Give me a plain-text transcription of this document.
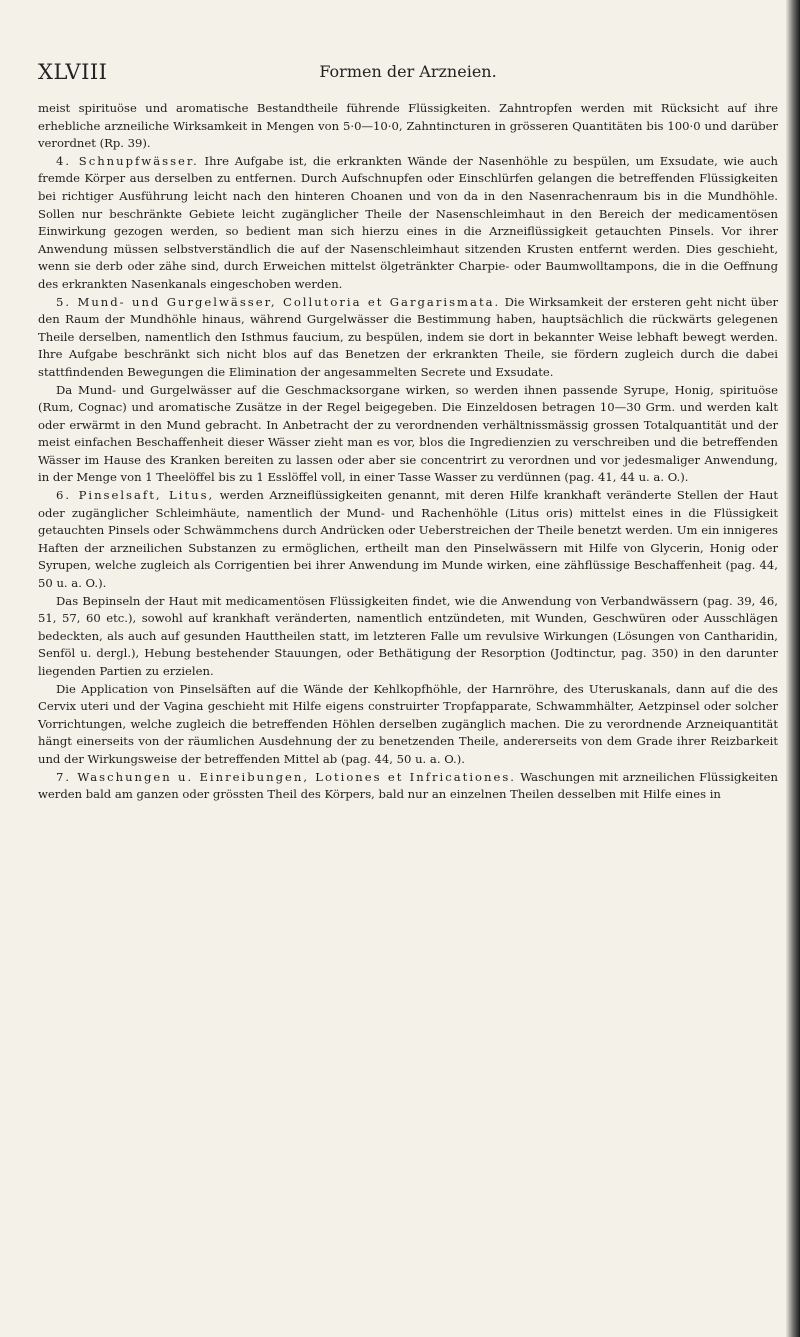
XLVIII	Formen der Arzneien.

meist spirituöse und aromatische Bestandtheile führende Flüssigkeiten. Zahntropfen werden mit Rücksicht auf ihre erhebliche arzneiliche Wirksamkeit in Mengen von 5·0—10·0, Zahntincturen in grösseren Quantitäten bis 100·0 und darüber verordnet (Rp. 39).

4. Schnupfwässer. Ihre Aufgabe ist, die erkrankten Wände der Nasenhöhle zu bespülen, um Exsudate, wie auch fremde Körper aus derselben zu entfernen. Durch Aufschnupfen oder Einschlürfen gelangen die betreffenden Flüssigkeiten bei richtiger Ausführung leicht nach den hinteren Choanen und von da in den Nasenrachenraum bis in die Mundhöhle. Sollen nur beschränkte Gebiete leicht zugänglicher Theile der Nasenschleimhaut in den Bereich der medicamentösen Einwirkung gezogen werden, so bedient man sich hierzu eines in die Arzneiflüssigkeit getauchten Pinsels. Vor ihrer Anwendung müssen selbstverständlich die auf der Nasenschleimhaut sitzenden Krusten entfernt werden. Dies geschieht, wenn sie derb oder zähe sind, durch Erweichen mittelst ölgetränkter Charpie- oder Baumwolltampons, die in die Oeffnung des erkrankten Nasenkanals eingeschoben werden.

5. Mund- und Gurgelwässer, Collutoria et Gargarismata. Die Wirksamkeit der ersteren geht nicht über den Raum der Mundhöhle hinaus, während Gurgelwässer die Bestimmung haben, hauptsächlich die rückwärts gelegenen Theile derselben, namentlich den Isthmus faucium, zu bespülen, indem sie dort in bekannter Weise lebhaft bewegt werden. Ihre Aufgabe beschränkt sich nicht blos auf das Benetzen der erkrankten Theile, sie fördern zugleich durch die dabei stattfindenden Bewegungen die Elimination der angesammelten Secrete und Exsudate.

Da Mund- und Gurgelwässer auf die Geschmacksorgane wirken, so werden ihnen passende Syrupe, Honig, spirituöse (Rum, Cognac) und aromatische Zusätze in der Regel beigegeben. Die Einzeldosen betragen 10—30 Grm. und werden kalt oder erwärmt in den Mund gebracht. In Anbetracht der zu verordnenden verhältnissmässig grossen Totalquantität und der meist einfachen Beschaffenheit dieser Wässer zieht man es vor, blos die Ingredienzien zu verschreiben und die betreffenden Wässer im Hause des Kranken bereiten zu lassen oder aber sie concentrirt zu verordnen und vor jedesmaliger Anwendung, in der Menge von 1 Theelöffel bis zu 1 Esslöffel voll, in einer Tasse Wasser zu verdünnen (pag. 41, 44 u. a. O.).

6. Pinselsaft, Litus, werden Arzneiflüssigkeiten genannt, mit deren Hilfe krankhaft veränderte Stellen der Haut oder zugänglicher Schleimhäute, namentlich der Mund- und Rachenhöhle (Litus oris) mittelst eines in die Flüssigkeit getauchten Pinsels oder Schwämmchens durch Andrücken oder Ueberstreichen der Theile benetzt werden. Um ein innigeres Haften der arzneilichen Substanzen zu ermöglichen, ertheilt man den Pinselwässern mit Hilfe von Glycerin, Honig oder Syrupen, welche zugleich als Corrigentien bei ihrer Anwendung im Munde wirken, eine zähflüssige Beschaffenheit (pag. 44, 50 u. a. O.).

Das Bepinseln der Haut mit medicamentösen Flüssigkeiten findet, wie die Anwendung von Verbandwässern (pag. 39, 46, 51, 57, 60 etc.), sowohl auf krankhaft veränderten, namentlich entzündeten, mit Wunden, Geschwüren oder Ausschlägen bedeckten, als auch auf gesunden Hauttheilen statt, im letzteren Falle um revulsive Wirkungen (Lösungen von Cantharidin, Senföl u. dergl.), Hebung bestehender Stauungen, oder Bethätigung der Resorption (Jodtinctur, pag. 350) in den darunter liegenden Partien zu erzielen.

Die Application von Pinselsäften auf die Wände der Kehlkopfhöhle, der Harnröhre, des Uteruskanals, dann auf die des Cervix uteri und der Vagina geschieht mit Hilfe eigens construirter Tropfapparate, Schwammhälter, Aetzpinsel oder solcher Vorrichtungen, welche zugleich die betreffenden Höhlen derselben zugänglich machen. Die zu verordnende Arzneiquantität hängt einerseits von der räumlichen Ausdehnung der zu benetzenden Theile, andererseits von dem Grade ihrer Reizbarkeit und der Wirkungsweise der betreffenden Mittel ab (pag. 44, 50 u. a. O.).

7. Waschungen u. Einreibungen, Lotiones et Infricationes. Waschungen mit arzneilichen Flüssigkeiten werden bald am ganzen oder grössten Theil des Körpers, bald nur an einzelnen Theilen desselben mit Hilfe eines in
